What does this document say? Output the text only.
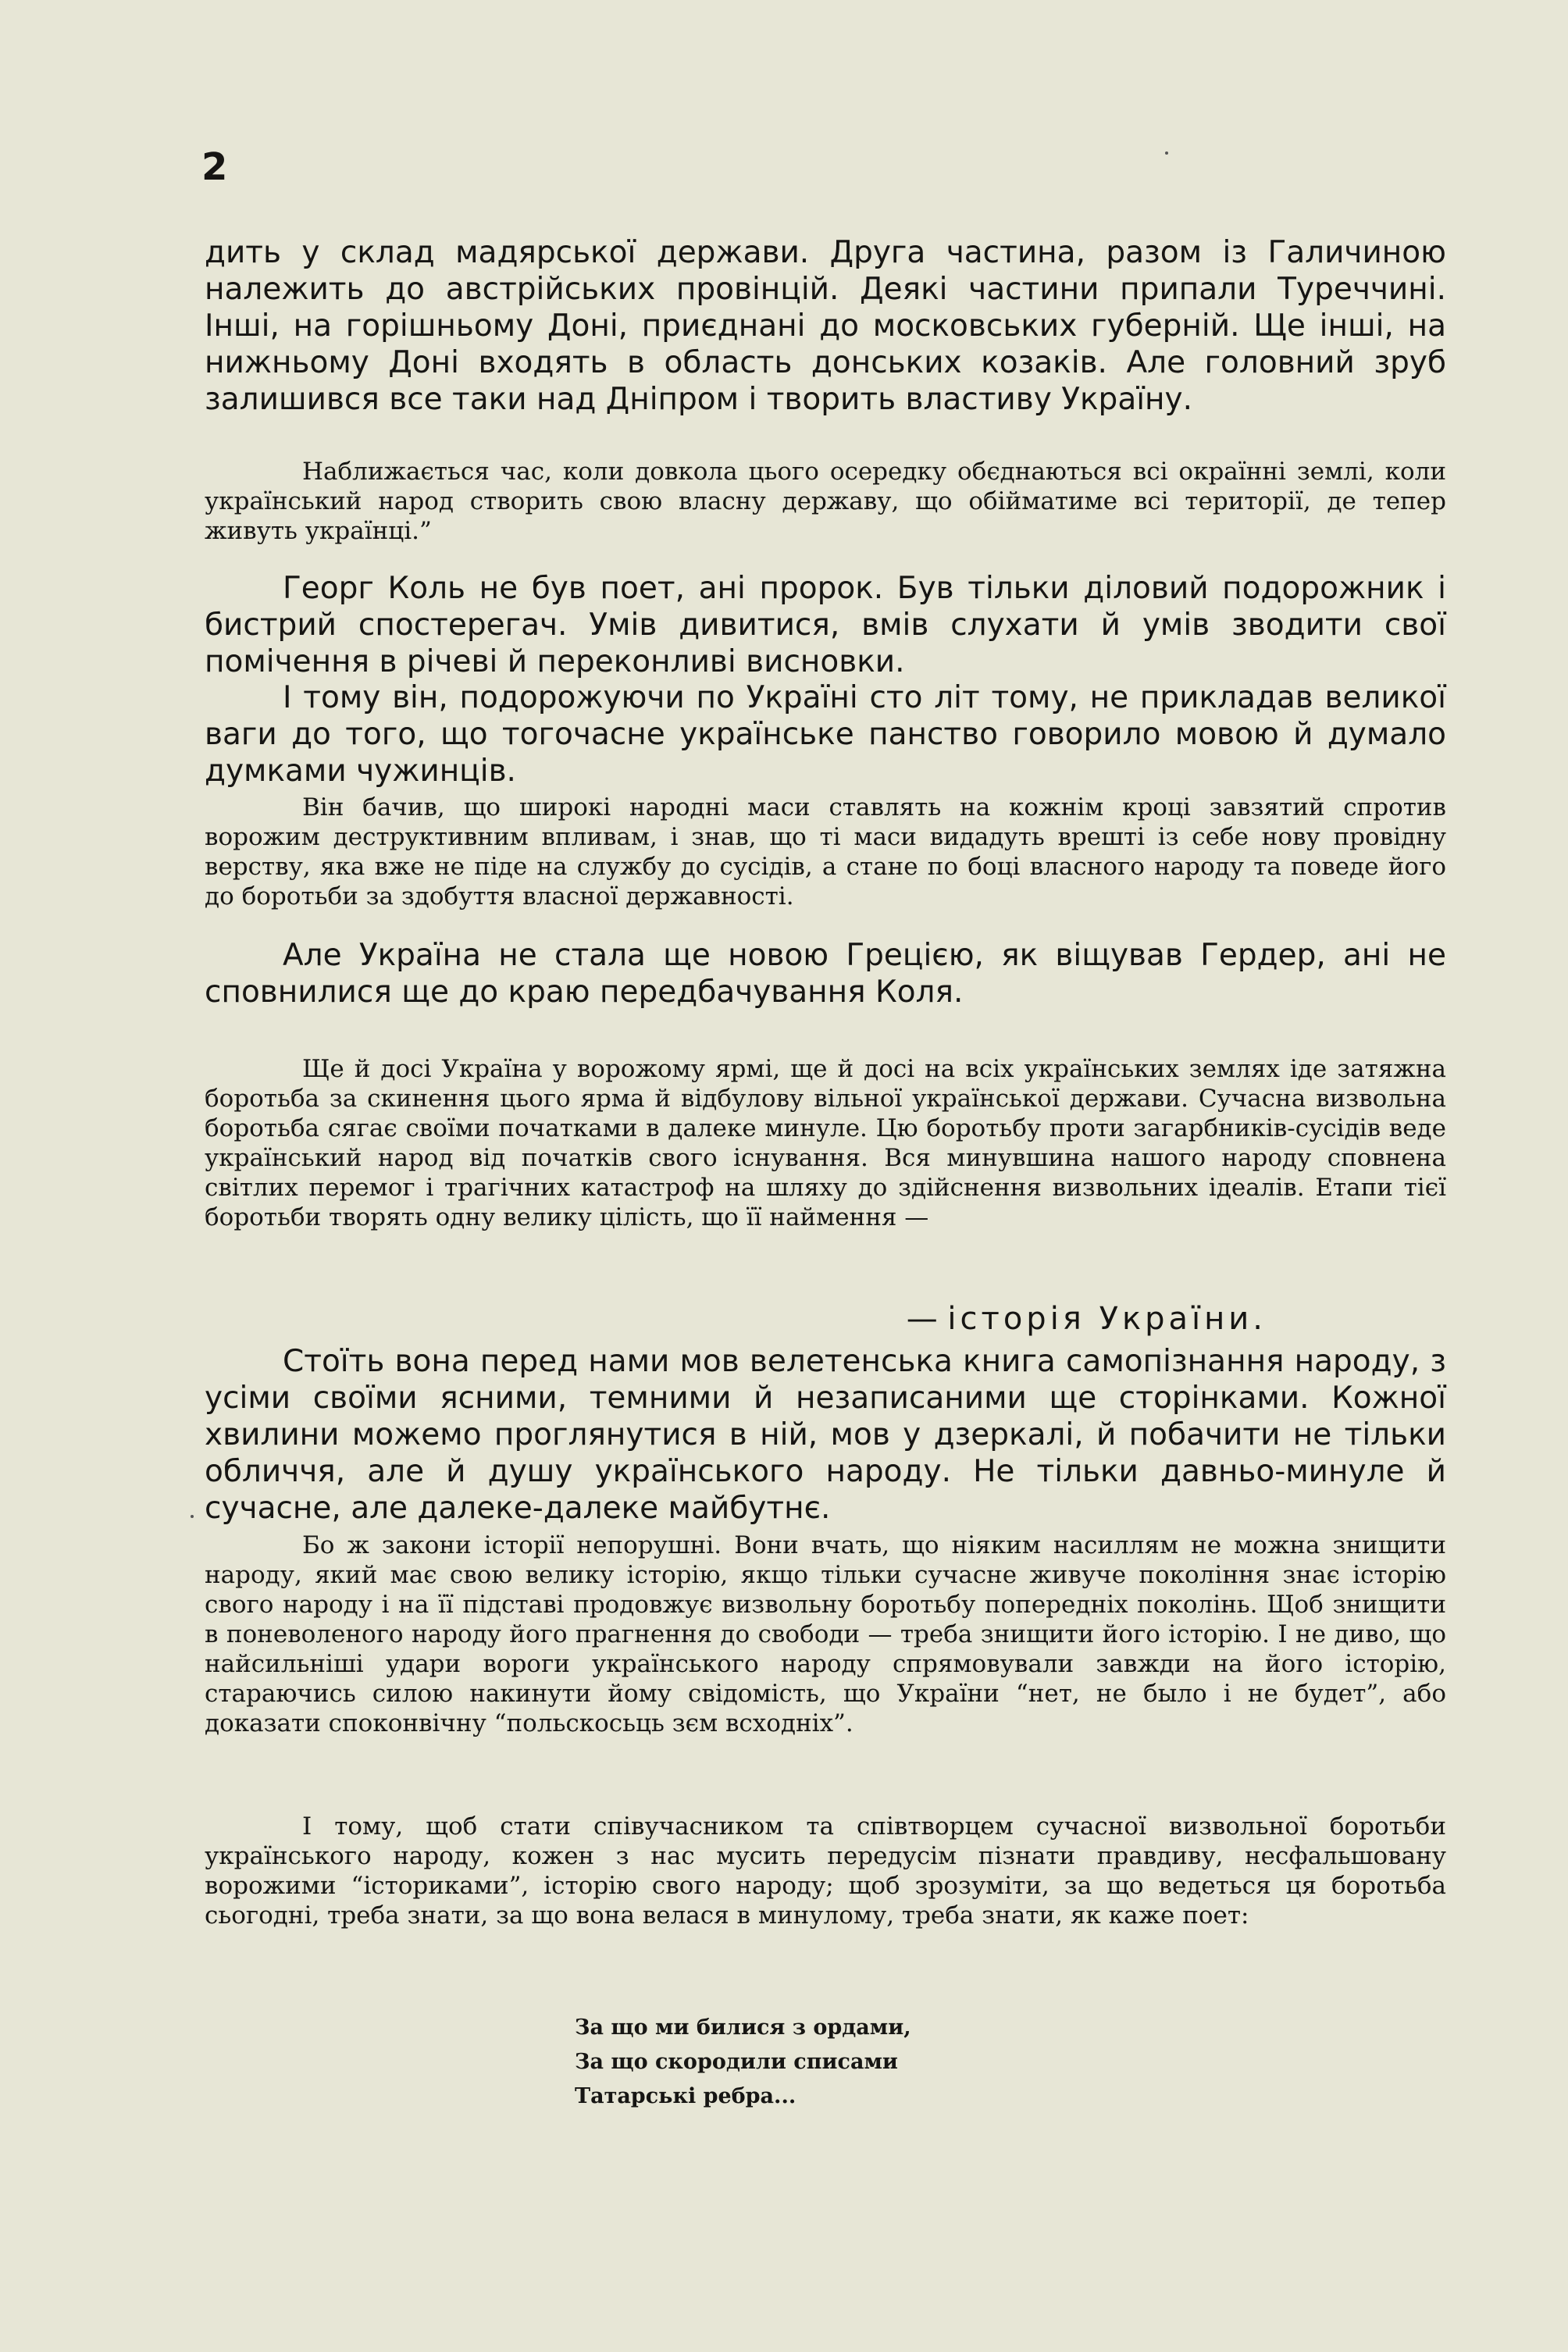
2

дить у склад мадярської держави. Друга частина, разом із Галичиною належить до австрійських провінцій. Деякі частини припали Туреччині. Інші, на горішньому Доні, приєднані до московських губерній. Ще інші, на нижньому Доні входять в область донських козаків. Але головний зруб залишився все таки над Дніпром і творить властиву Україну.

Наближається час, коли довкола цього осередку обєднаються всі окраїнні землі, коли український народ створить свою власну державу, що обійматиме всі території, де тепер живуть українці.”

Георг Коль не був поет, ані пророк. Був тільки діловий подорожник і бистрий спостерегач. Умів дивитися, вмів слухати й умів зводити свої помічення в річеві й переконливі висновки.

І тому він, подорожуючи по Україні сто літ тому, не прикладав великої ваги до того, що тогочасне українське панство говорило мовою й думало думками чужинців.

Він бачив, що широкі народні маси ставлять на кожнім кроці завзятий спротив ворожим деструктивним впливам, і знав, що ті маси видадуть врешті із себе нову провідну верству, яка вже не піде на службу до сусідів, а стане по боці власного народу та поведе його до боротьби за здобуття власної державності.

Але Україна не стала ще новою Грецією, як віщував Гердер, ані не сповнилися ще до краю передбачування Коля.

Ще й досі Україна у ворожому ярмі, ще й досі на всіх українських землях іде затяжна боротьба за скинення цього ярма й відбулову вільної української держави. Сучасна визвольна боротьба сягає своїми початками в далеке минуле. Цю боротьбу проти загарбників-сусідів веде український народ від початків свого існування. Вся минувшина нашого народу сповнена світлих перемог і трагічних катастроф на шляху до здійснення визвольних ідеалів. Етапи тієї боротьби творять одну велику цілість, що її наймення —

— історія України.

Стоїть вона перед нами мов велетенська книга самопізнання народу, з усіми своїми ясними, темними й незаписаними ще сторінками. Кожної хвилини можемо проглянутися в ній, мов у дзеркалі, й побачити не тільки обличчя, але й душу українського народу. Не тільки давньо-минуле й сучасне, але далеке-далеке майбутнє.

Бо ж закони історії непорушні. Вони вчать, що ніяким насиллям не можна знищити народу, який має свою велику історію, якщо тільки сучасне живуче покоління знає історію свого народу і на її підставі продовжує визвольну боротьбу попередніх поколінь. Щоб знищити в поневоленого народу його прагнення до свободи — треба знищити його історію. І не диво, що найсильніші удари вороги українського народу спрямовували завжди на його історію, стараючись силою накинути йому свідомість, що України “нет, не было і не будет”, або доказати споконвічну “польскосьць зєм всходніх”.

І тому, щоб стати співучасником та співтворцем сучасної визвольної боротьби українського народу, кожен з нас мусить передусім пізнати правдиву, несфальшовану ворожими “істориками”, історію свого народу; щоб зрозуміти, за що ведеться ця боротьба сьогодні, треба знати, за що вона велася в минулому, треба знати, як каже поет:

За що ми билися з ордами,
За що скородили списами
Татарські ребра...
